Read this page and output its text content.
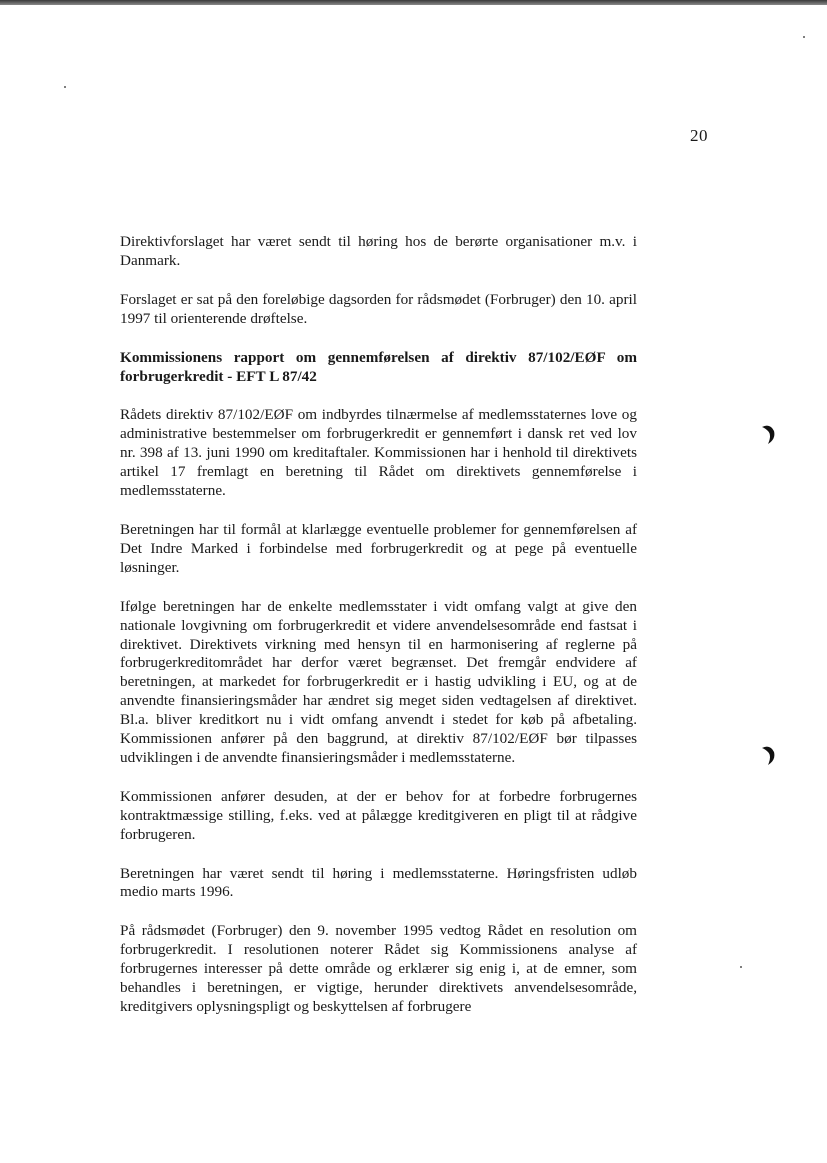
20

Direktivforslaget har været sendt til høring hos de berørte organisationer m.v. i Danmark.

Forslaget er sat på den foreløbige dagsorden for rådsmødet (Forbruger) den 10. april 1997 til orienterende drøftelse.

Kommissionens rapport om gennemførelsen af direktiv 87/102/EØF om forbrugerkredit - EFT L 87/42

Rådets direktiv 87/102/EØF om indbyrdes tilnærmelse af medlemsstaternes love og administrative bestemmelser om forbrugerkredit er gennemført i dansk ret ved lov nr. 398 af 13. juni 1990 om kreditaftaler. Kommissionen har i henhold til direktivets artikel 17 fremlagt en beretning til Rådet om direktivets gennemførelse i medlemsstaterne.

Beretningen har til formål at klarlægge eventuelle problemer for gennemførelsen af Det Indre Marked i forbindelse med forbrugerkredit og at pege på eventuelle løsninger.

Ifølge beretningen har de enkelte medlemsstater i vidt omfang valgt at give den nationale lovgivning om forbrugerkredit et videre anvendelsesområde end fastsat i direktivet. Direktivets virkning med hensyn til en harmonisering af reglerne på forbrugerkreditområdet har derfor været begrænset. Det fremgår endvidere af beretningen, at markedet for forbrugerkredit er i hastig udvikling i EU, og at de anvendte finansieringsmåder har ændret sig meget siden vedtagelsen af direktivet. Bl.a. bliver kreditkort nu i vidt omfang anvendt i stedet for køb på afbetaling. Kommissionen anfører på den baggrund, at direktiv 87/102/EØF bør tilpasses udviklingen i de anvendte finansieringsmåder i medlemsstaterne.

Kommissionen anfører desuden, at der er behov for at forbedre forbrugernes kontraktmæssige stilling, f.eks. ved at pålægge kreditgiveren en pligt til at rådgive forbrugeren.

Beretningen har været sendt til høring i medlemsstaterne. Høringsfristen udløb medio marts 1996.

På rådsmødet (Forbruger) den 9. november 1995 vedtog Rådet en resolution om forbrugerkredit. I resolutionen noterer Rådet sig Kommissionens analyse af forbrugernes interesser på dette område og erklærer sig enig i, at de emner, som behandles i beretningen, er vigtige, herunder direktivets anvendelsesområde, kreditgivers oplysningspligt og beskyttelsen af forbrugere
